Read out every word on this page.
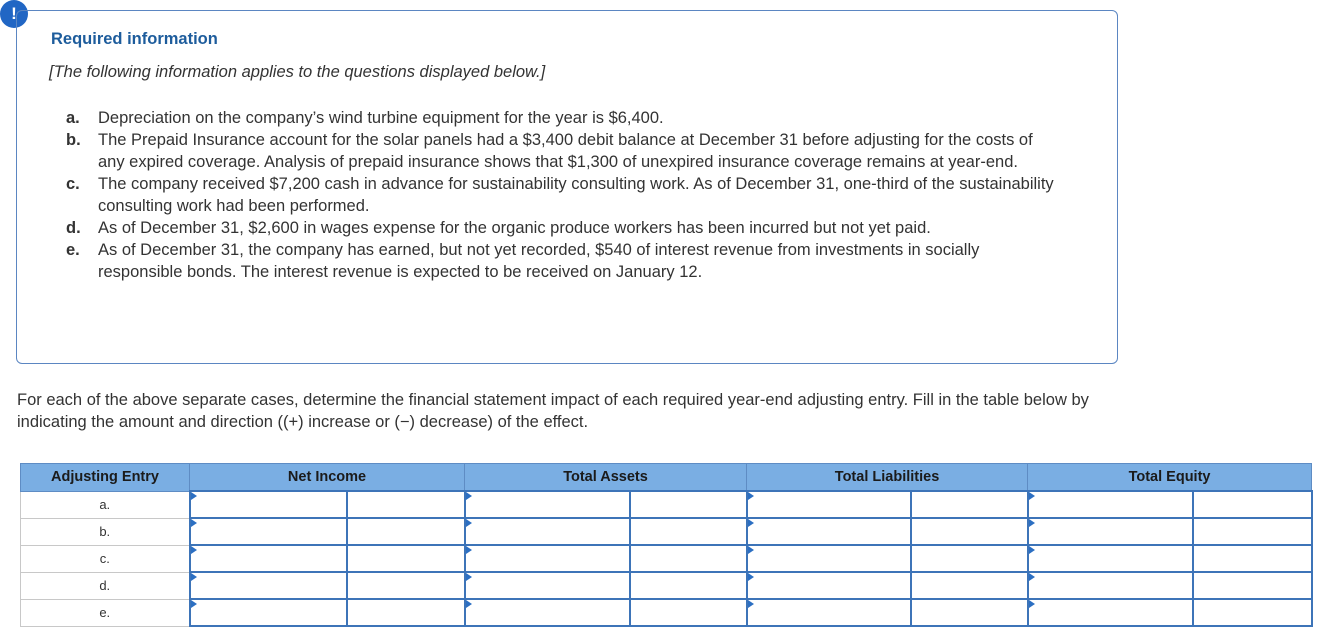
!
Required information
[The following information applies to the questions displayed below.]
a.	Depreciation on the company’s wind turbine equipment for the year is $6,400.
b.	The Prepaid Insurance account for the solar panels had a $3,400 debit balance at December 31 before adjusting for the costs of any expired coverage. Analysis of prepaid insurance shows that $1,300 of unexpired insurance coverage remains at year-end.
c.	The company received $7,200 cash in advance for sustainability consulting work. As of December 31, one-third of the sustainability consulting work had been performed.
d.	As of December 31, $2,600 in wages expense for the organic produce workers has been incurred but not yet paid.
e.	As of December 31, the company has earned, but not yet recorded, $540 of interest revenue from investments in socially responsible bonds. The interest revenue is expected to be received on January 12.
For each of the above separate cases, determine the financial statement impact of each required year-end adjusting entry. Fill in the table below by indicating the amount and direction ((+) increase or (−) decrease) of the effect.
Adjusting Entry	Net Income		Total Assets		Total Liabilities		Total Equity	
a.	

b.	

c.	

d.	

e.	
